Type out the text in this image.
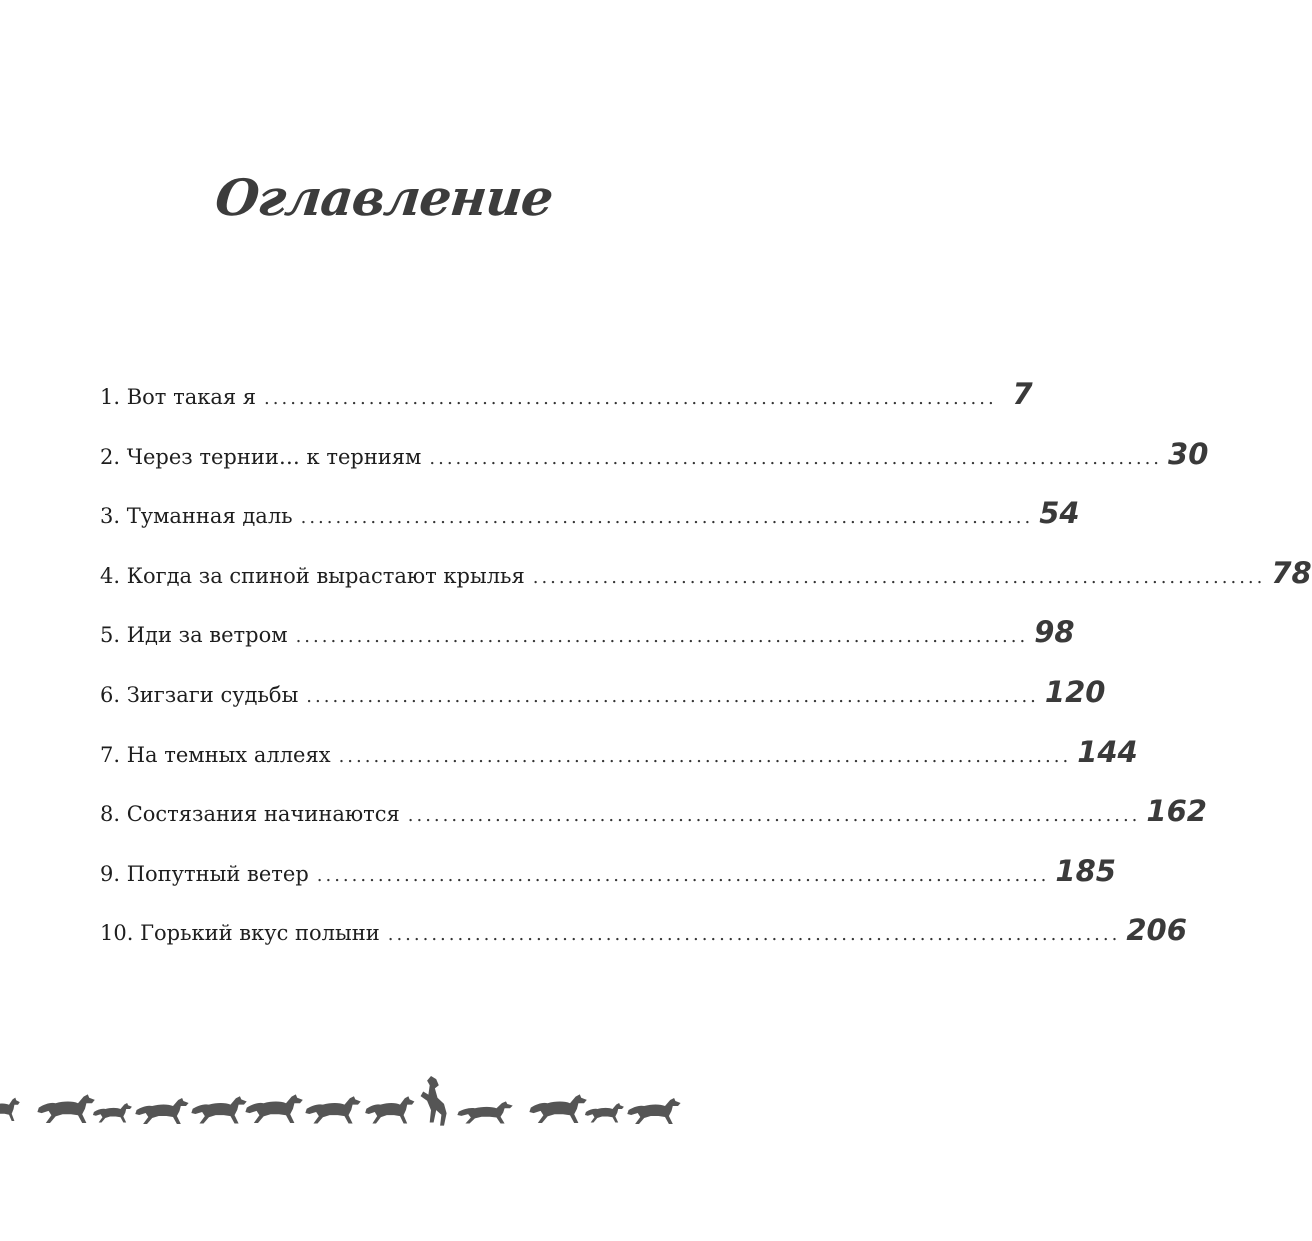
Оглавление
1. Вот такая я .................................................................................... 7
2. Через тернии… к терниям .................................................................................... 30
3. Туманная даль .................................................................................... 54
4. Когда за спиной вырастают крылья .................................................................................... 78
5. Иди за ветром .................................................................................... 98
6. Зигзаги судьбы .................................................................................... 120
7. На темных аллеях .................................................................................... 144
8. Состязания начинаются .................................................................................... 162
9. Попутный ветер .................................................................................... 185
10. Горький вкус полыни .................................................................................... 206
